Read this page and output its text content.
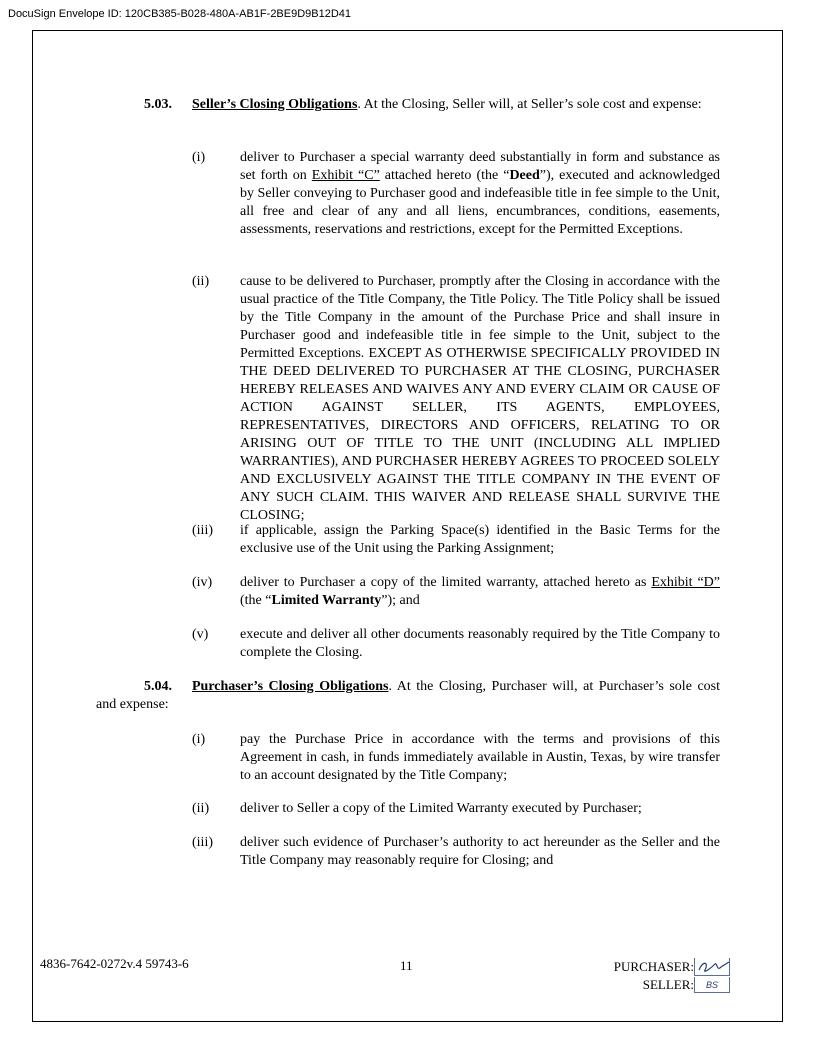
DocuSign Envelope ID: 120CB385-B028-480A-AB1F-2BE9D9B12D41
5.03. Seller’s Closing Obligations. At the Closing, Seller will, at Seller’s sole cost and expense:
(i) deliver to Purchaser a special warranty deed substantially in form and substance as set forth on Exhibit “C” attached hereto (the “Deed”), executed and acknowledged by Seller conveying to Purchaser good and indefeasible title in fee simple to the Unit, all free and clear of any and all liens, encumbrances, conditions, easements, assessments, reservations and restrictions, except for the Permitted Exceptions.
(ii) cause to be delivered to Purchaser, promptly after the Closing in accordance with the usual practice of the Title Company, the Title Policy. The Title Policy shall be issued by the Title Company in the amount of the Purchase Price and shall insure in Purchaser good and indefeasible title in fee simple to the Unit, subject to the Permitted Exceptions. EXCEPT AS OTHERWISE SPECIFICALLY PROVIDED IN THE DEED DELIVERED TO PURCHASER AT THE CLOSING, PURCHASER HEREBY RELEASES AND WAIVES ANY AND EVERY CLAIM OR CAUSE OF ACTION AGAINST SELLER, ITS AGENTS, EMPLOYEES, REPRESENTATIVES, DIRECTORS AND OFFICERS, RELATING TO OR ARISING OUT OF TITLE TO THE UNIT (INCLUDING ALL IMPLIED WARRANTIES), AND PURCHASER HEREBY AGREES TO PROCEED SOLELY AND EXCLUSIVELY AGAINST THE TITLE COMPANY IN THE EVENT OF ANY SUCH CLAIM. THIS WAIVER AND RELEASE SHALL SURVIVE THE CLOSING;
(iii) if applicable, assign the Parking Space(s) identified in the Basic Terms for the exclusive use of the Unit using the Parking Assignment;
(iv) deliver to Purchaser a copy of the limited warranty, attached hereto as Exhibit “D” (the “Limited Warranty”); and
(v) execute and deliver all other documents reasonably required by the Title Company to complete the Closing.
5.04. Purchaser’s Closing Obligations. At the Closing, Purchaser will, at Purchaser’s sole cost and expense:
(i) pay the Purchase Price in accordance with the terms and provisions of this Agreement in cash, in funds immediately available in Austin, Texas, by wire transfer to an account designated by the Title Company;
(ii) deliver to Seller a copy of the Limited Warranty executed by Purchaser;
(iii) deliver such evidence of Purchaser’s authority to act hereunder as the Seller and the Title Company may reasonably require for Closing; and
4836-7642-0272v.4 59743-6	11	PURCHASER:
SELLER:	BS
